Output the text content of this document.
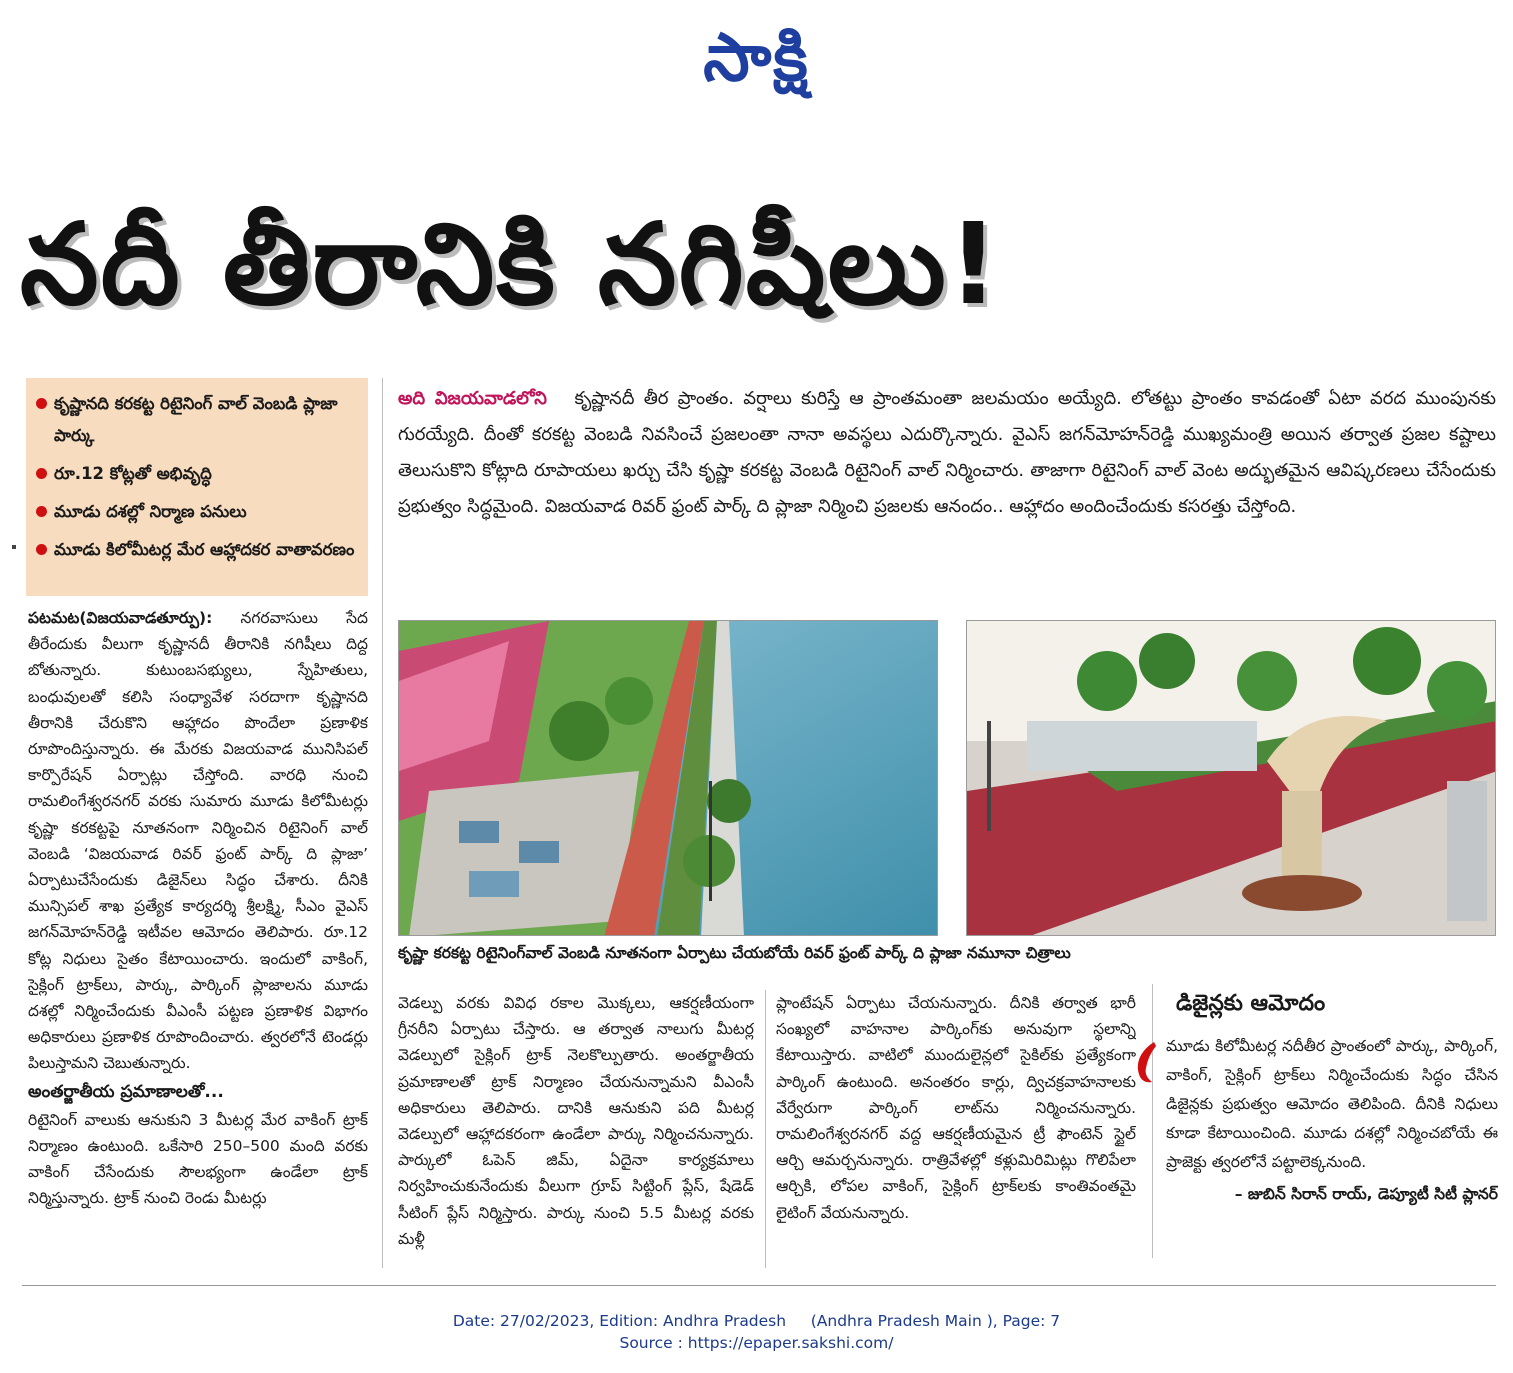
సాక్షి
నదీ తీరానికి నగిషీలు!
కృష్ణానది కరకట్ట రిటైనింగ్ వాల్ వెంబడి ప్లాజా పార్కు
రూ.12 కోట్లతో అభివృద్ధి
మూడు దశల్లో నిర్మాణ పనులు
మూడు కిలోమీటర్ల మేర ఆహ్లాదకర వాతావరణం

పటమట(విజయవాడతూర్పు): నగరవాసులు సేద తీరేందుకు వీలుగా కృష్ణానదీ తీరానికి నగిషీలు దిద్ద బోతున్నారు. కుటుంబసభ్యులు, స్నేహితులు, బంధువులతో కలిసి సంధ్యావేళ సరదాగా కృష్ణానది తీరానికి చేరుకొని ఆహ్లాదం పొందేలా ప్రణాళిక రూపొందిస్తున్నారు. ఈ మేరకు విజయవాడ మునిసిపల్ కార్పొరేషన్ ఏర్పాట్లు చేస్తోంది. వారధి నుంచి రామలింగేశ్వరనగర్ వరకు సుమారు మూడు కిలోమీటర్లు కృష్ణా కరకట్టపై నూతనంగా నిర్మించిన రిటైనింగ్ వాల్ వెంబడి ‘విజయవాడ రివర్ ఫ్రంట్ పార్క్ ది ప్లాజా’ ఏర్పాటుచేసేందుకు డిజైన్‌లు సిద్ధం చేశారు. దీనికి మున్సిపల్ శాఖ ప్రత్యేక కార్యదర్శి శ్రీలక్ష్మి, సీఎం వైఎస్ జగన్‌మోహన్‌రెడ్డి ఇటీవల ఆమోదం తెలిపారు. రూ.12 కోట్ల నిధులు సైతం కేటాయించారు. ఇందులో వాకింగ్, సైక్లింగ్ ట్రాక్‌లు, పార్కు, పార్కింగ్ ప్లాజాలను మూడు దశల్లో నిర్మించేందుకు వీఎంసీ పట్టణ ప్రణాళిక విభాగం అధికారులు ప్రణాళిక రూపొందించారు. త్వరలోనే టెండర్లు పిలుస్తామని చెబుతున్నారు.

అంతర్జాతీయ ప్రమాణాలతో...

రిటైనింగ్ వాలుకు ఆనుకుని 3 మీటర్ల మేర వాకింగ్ ట్రాక్ నిర్మాణం ఉంటుంది. ఒకేసారి 250–500 మంది వరకు వాకింగ్ చేసేందుకు సౌలభ్యంగా ఉండేలా ట్రాక్ నిర్మిస్తున్నారు. ట్రాక్ నుంచి రెండు మీటర్లు

అది విజయవాడలోని కృష్ణానదీ తీర ప్రాంతం. వర్షాలు కురిస్తే ఆ ప్రాంతమంతా జలమయం అయ్యేది. లోతట్టు ప్రాంతం కావడంతో ఏటా వరద ముంపునకు గురయ్యేది. దీంతో కరకట్ట వెంబడి నివసించే ప్రజలంతా నానా అవస్థలు ఎదుర్కొన్నారు. వైఎస్ జగన్‌మోహన్‌రెడ్డి ముఖ్యమంత్రి అయిన తర్వాత ప్రజల కష్టాలు తెలుసుకొని కోట్లాది రూపాయలు ఖర్చు చేసి కృష్ణా కరకట్ట వెంబడి రిటైనింగ్ వాల్ నిర్మించారు. తాజాగా రిటైనింగ్ వాల్ వెంట అద్భుతమైన ఆవిష్కరణలు చేసేందుకు ప్రభుత్వం సిద్ధమైంది. విజయవాడ రివర్ ఫ్రంట్ పార్క్ ది ప్లాజా నిర్మించి ప్రజలకు ఆనందం.. ఆహ్లాదం అందించేందుకు కసరత్తు చేస్తోంది.
కృష్ణా కరకట్ట రిటైనింగ్‌వాల్ వెంబడి నూతనంగా ఏర్పాటు చేయబోయే రివర్ ఫ్రంట్ పార్క్ ది ప్లాజా నమూనా చిత్రాలు

వెడల్పు వరకు వివిధ రకాల మొక్కలు, ఆకర్షణీయంగా గ్రీనరీని ఏర్పాటు చేస్తారు. ఆ తర్వాత నాలుగు మీటర్ల వెడల్పులో సైక్లింగ్ ట్రాక్ నెలకొల్పుతారు. అంతర్జాతీయ ప్రమాణాలతో ట్రాక్ నిర్మాణం చేయనున్నామని వీఎంసీ అధికారులు తెలిపారు. దానికి ఆనుకుని పది మీటర్ల వెడల్పులో ఆహ్లాదకరంగా ఉండేలా పార్కు నిర్మించనున్నారు. పార్కులో ఓపెన్ జిమ్, ఏదైనా కార్యక్రమాలు నిర్వహించుకునేందుకు వీలుగా గ్రూప్ సిట్టింగ్ ప్లేస్, షేడెడ్ సీటింగ్ ప్లేస్ నిర్మిస్తారు. పార్కు నుంచి 5.5 మీటర్ల వరకు మళ్లీ

ప్లాంటేషన్ ఏర్పాటు చేయనున్నారు. దీనికి తర్వాత భారీ సంఖ్యలో వాహనాల పార్కింగ్‌కు అనువుగా స్థలాన్ని కేటాయిస్తారు. వాటిలో ముందులైన్లలో సైకిల్‌కు ప్రత్యేకంగా పార్కింగ్ ఉంటుంది. అనంతరం కార్లు, ద్విచక్రవాహనాలకు వేర్వేరుగా పార్కింగ్ లాట్‌ను నిర్మించనున్నారు. రామలింగేశ్వరనగర్ వద్ద ఆకర్షణీయమైన ట్రీ ఫౌంటెన్ స్టైల్ ఆర్చి ఆమర్చనున్నారు. రాత్రివేళల్లో కళ్లుమిరిమిట్లు గొలిపేలా ఆర్చికి, లోపల వాకింగ్, సైక్లింగ్ ట్రాక్‌లకు కాంతివంతమై లైటింగ్ వేయనున్నారు.

డిజైన్లకు ఆమోదం
మూడు కిలోమీటర్ల నదీతీర ప్రాంతంలో పార్కు, పార్కింగ్, వాకింగ్, సైక్లింగ్ ట్రాక్‌లు నిర్మించేందుకు సిద్ధం చేసిన డిజైన్లకు ప్రభుత్వం ఆమోదం తెలిపింది. దీనికి నిధులు కూడా కేటాయించింది. మూడు దశల్లో నిర్మించబోయే ఈ ప్రాజెక్టు త్వరలోనే పట్టాలెక్కనుంది.
– జుబిన్ సిరాన్ రాయ్, డెప్యూటీ సిటీ ప్లానర్
Date: 27/02/2023, Edition: Andhra Pradesh     (Andhra Pradesh Main ), Page: 7
Source : https://epaper.sakshi.com/
